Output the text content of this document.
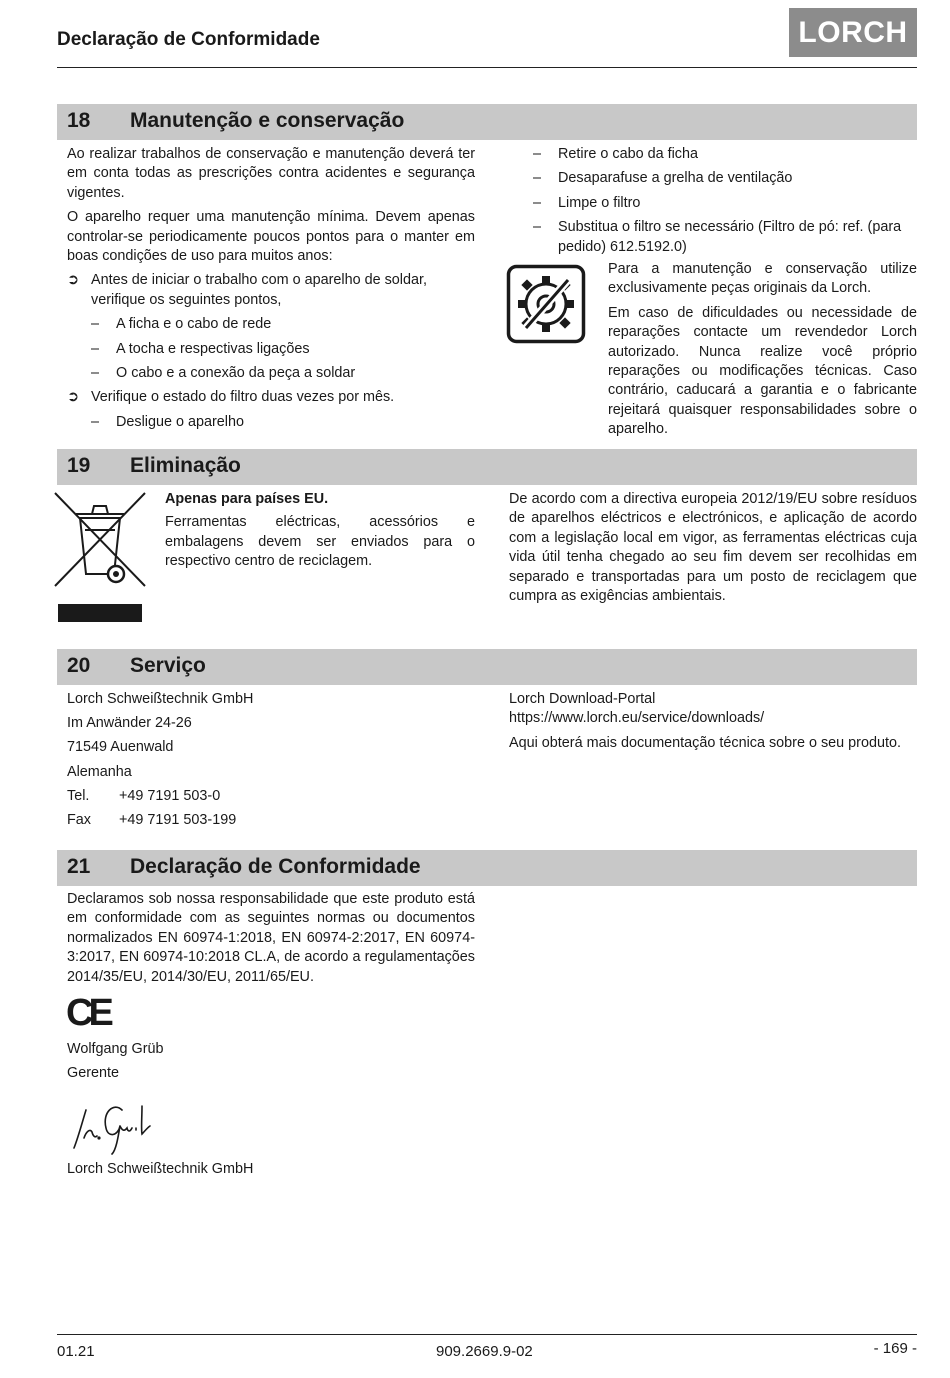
Declaração de Conformidade	LORCH
18 Manutenção e conservação

Ao realizar trabalhos de conservação e manutenção deverá ter em conta todas as prescrições contra acidentes e segurança vigentes.

O aparelho requer uma manutenção mínima. Devem apenas controlar-se periodicamente poucos pontos para o manter em boas condições de uso para muitos anos:

➲ Antes de iniciar o trabalho com o aparelho de soldar, verifique os seguintes pontos,
–	A ficha e o cabo de rede
–	A tocha e respectivas ligações
–	O cabo e a conexão da peça a soldar
➲ Verifique o estado do filtro duas vezes por mês.
–	Desligue o aparelho
–	Retire o cabo da ficha
–	Desaparafuse a grelha de ventilação
–	Limpe o filtro
–	Substitua o filtro se necessário (Filtro de pó: ref. (para pedido) 612.5192.0)

Para a manutenção e conservação utilize exclusivamente peças originais da Lorch.

Em caso de dificuldades ou necessidade de reparações contacte um revendedor Lorch autorizado. Nunca realize você próprio reparações ou modificações técnicas. Caso contrário, caducará a garantia e o fabricante rejeitará quaisquer responsabilidades sobre o aparelho.

19 Eliminação
Apenas para países EU.
Ferramentas eléctricas, acessórios e embalagens devem ser enviados para o respectivo centro de reciclagem.
De acordo com a directiva europeia 2012/19/EU sobre resíduos de aparelhos eléctricos e electrónicos, e aplicação de acordo com a legislação local em vigor, as ferramentas eléctricas cuja vida útil tenha chegado ao seu fim devem ser recolhidas em separado e transportadas para um posto de reciclagem que cumpra as exigências ambientais.
20 Serviço
Lorch Schweißtechnik GmbH
Im Anwänder 24-26
71549 Auenwald
Alemanha
Tel.	+49 7191 503-0
Fax	+49 7191 503-199
Lorch Download-Portal
https://www.lorch.eu/service/downloads/
Aqui obterá mais documentação técnica sobre o seu produto.
21 Declaração de Conformidade
Declaramos sob nossa responsabilidade que este produto está em conformidade com as seguintes normas ou documentos normalizados EN 60974-1:2018, EN 60974-2:2017, EN 60974-3:2017, EN 60974-10:2018 CL.A, de acordo a regulamentações 2014/35/EU, 2014/30/EU, 2011/65/EU.
CE
Wolfgang Grüb
Gerente
Lorch Schweißtechnik GmbH
01.21	909.2669.9-02	- 169 -
